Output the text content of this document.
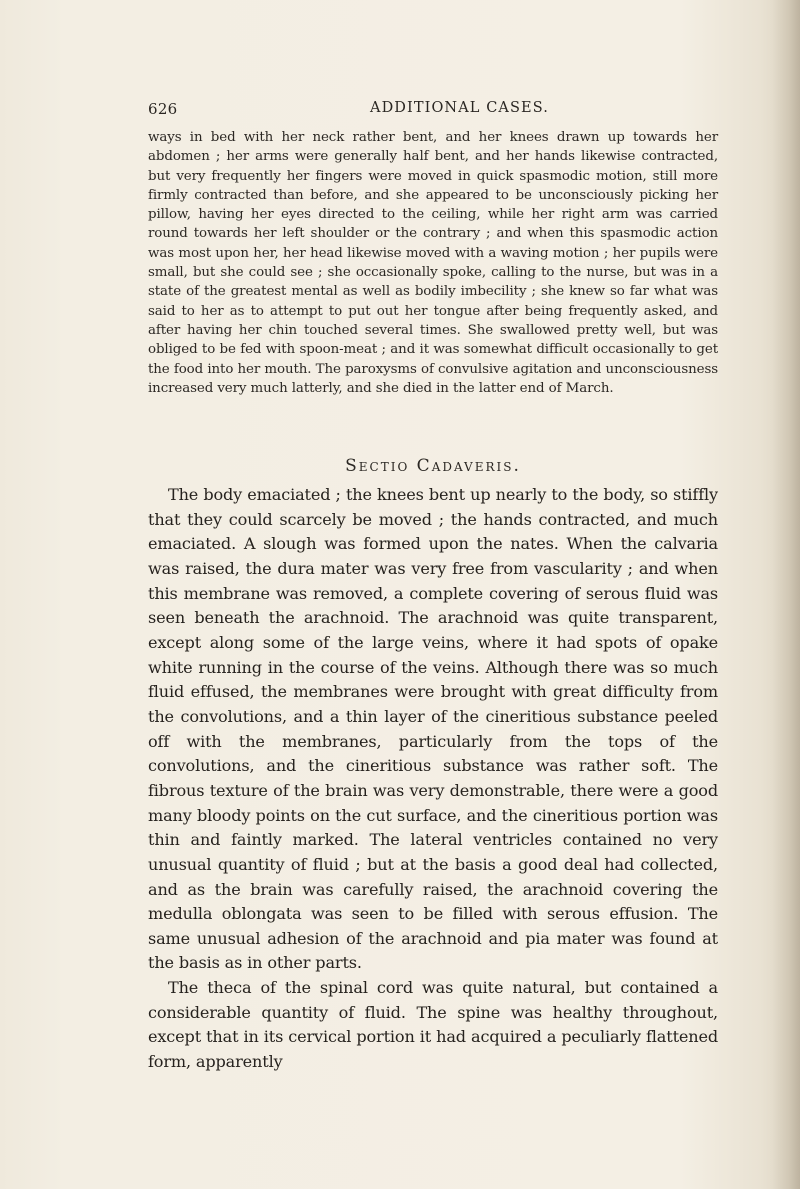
626	ADDITIONAL CASES.
ways in bed with her neck rather bent, and her knees drawn up towards her abdomen ; her arms were generally half bent, and her hands likewise contracted, but very frequently her fingers were moved in quick spasmodic motion, still more firmly contracted than before, and she appeared to be unconsciously picking her pillow, having her eyes directed to the ceiling, while her right arm was carried round towards her left shoulder or the contrary ; and when this spasmodic action was most upon her, her head likewise moved with a waving motion ; her pupils were small, but she could see ; she occasionally spoke, calling to the nurse, but was in a state of the greatest mental as well as bodily imbecility ; she knew so far what was said to her as to attempt to put out her tongue after being frequently asked, and after having her chin touched several times. She swallowed pretty well, but was obliged to be fed with spoon-meat ; and it was somewhat difficult occasionally to get the food into her mouth. The paroxysms of convulsive agitation and unconsciousness increased very much latterly, and she died in the latter end of March.
Sectio Cadaveris.

The body emaciated ; the knees bent up nearly to the body, so stiffly that they could scarcely be moved ; the hands contracted, and much emaciated. A slough was formed upon the nates. When the calvaria was raised, the dura mater was very free from vascularity ; and when this membrane was removed, a complete covering of serous fluid was seen beneath the arachnoid. The arachnoid was quite transparent, except along some of the large veins, where it had spots of opake white running in the course of the veins. Although there was so much fluid effused, the membranes were brought with great difficulty from the convolutions, and a thin layer of the cineritious substance peeled off with the membranes, particularly from the tops of the convolutions, and the cineritious substance was rather soft. The fibrous texture of the brain was very demonstrable, there were a good many bloody points on the cut surface, and the cineritious portion was thin and faintly marked. The lateral ventricles contained no very unusual quantity of fluid ; but at the basis a good deal had collected, and as the brain was carefully raised, the arachnoid covering the medulla oblongata was seen to be filled with serous effusion. The same unusual adhesion of the arachnoid and pia mater was found at the basis as in other parts.

The theca of the spinal cord was quite natural, but contained a considerable quantity of fluid. The spine was healthy throughout, except that in its cervical portion it had acquired a peculiarly flattened form, apparently
